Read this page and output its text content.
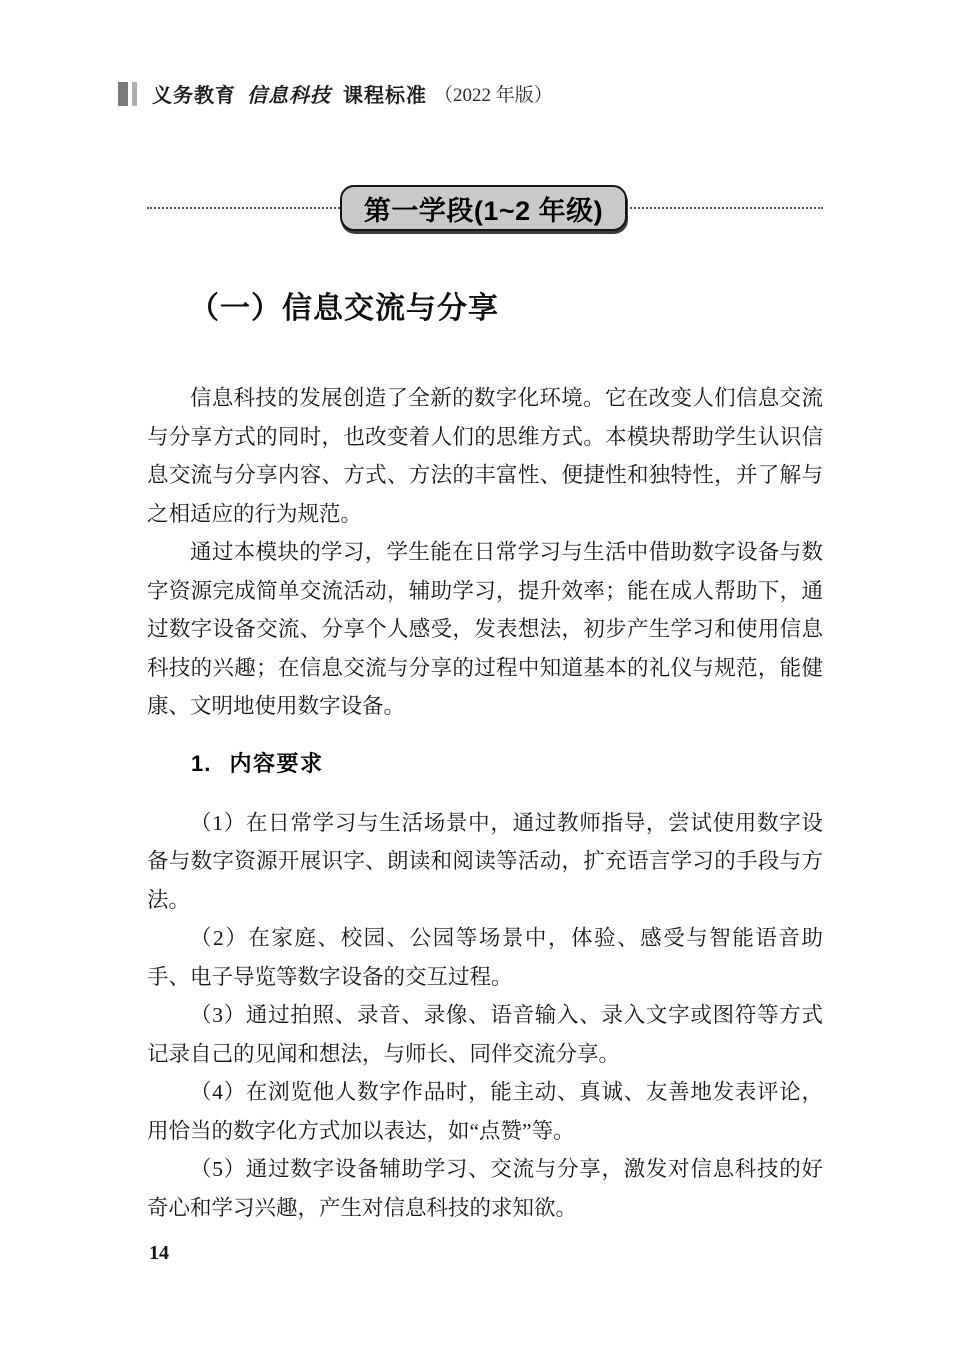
义务教育 信息科技 课程标准 （2022 年版）
第一学段(1~2 年级)
（一）信息交流与分享

信息科技的发展创造了全新的数字化环境。它在改变人们信息交流与分享方式的同时，也改变着人们的思维方式。本模块帮助学生认识信息交流与分享内容、方式、方法的丰富性、便捷性和独特性，并了解与之相适应的行为规范。

通过本模块的学习，学生能在日常学习与生活中借助数字设备与数字资源完成简单交流活动，辅助学习，提升效率；能在成人帮助下，通过数字设备交流、分享个人感受，发表想法，初步产生学习和使用信息科技的兴趣；在信息交流与分享的过程中知道基本的礼仪与规范，能健康、文明地使用数字设备。

1. 内容要求

（1）在日常学习与生活场景中，通过教师指导，尝试使用数字设备与数字资源开展识字、朗读和阅读等活动，扩充语言学习的手段与方法。

（2）在家庭、校园、公园等场景中，体验、感受与智能语音助手、电子导览等数字设备的交互过程。

（3）通过拍照、录音、录像、语音输入、录入文字或图符等方式记录自己的见闻和想法，与师长、同伴交流分享。

（4）在浏览他人数字作品时，能主动、真诚、友善地发表评论，用恰当的数字化方式加以表达，如“点赞”等。

（5）通过数字设备辅助学习、交流与分享，激发对信息科技的好奇心和学习兴趣，产生对信息科技的求知欲。

14
